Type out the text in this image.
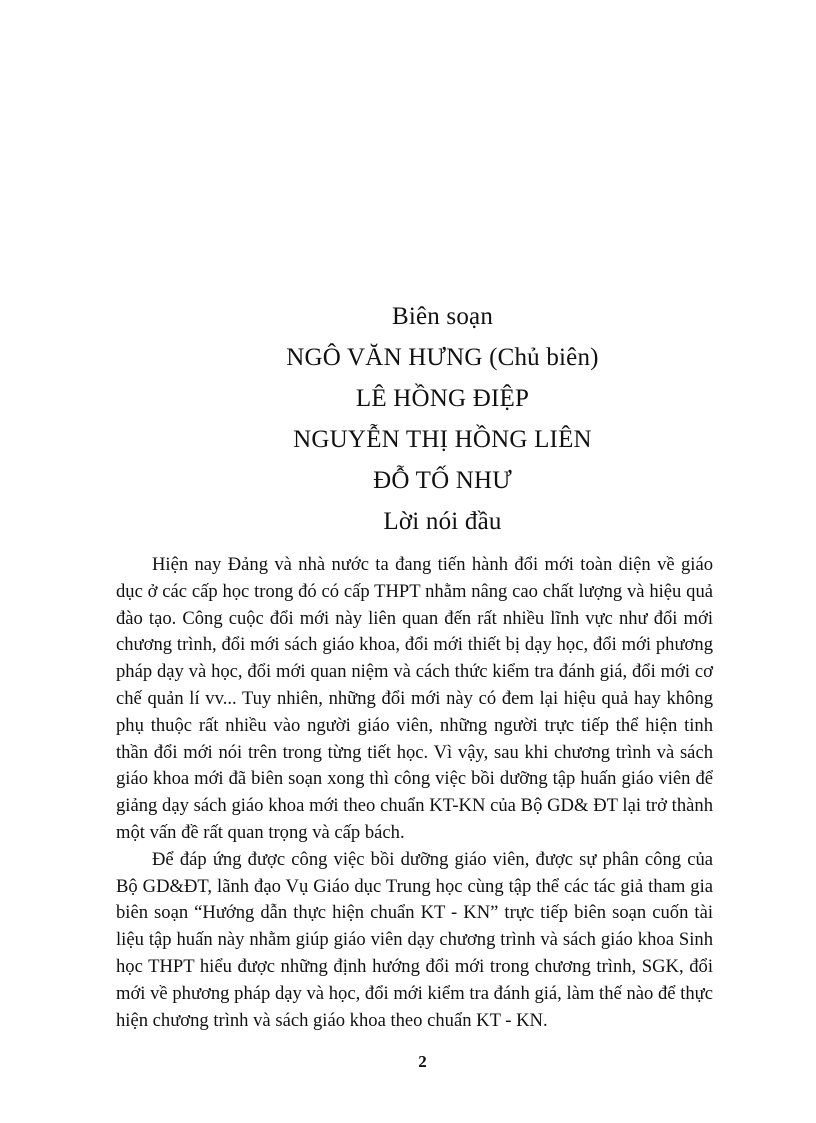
Biên soạn
NGÔ VĂN HƯNG (Chủ biên)
LÊ HỒNG ĐIỆP
NGUYỄN THỊ HỒNG LIÊN
ĐỖ TỐ NHƯ
Lời nói đầu

Hiện nay Đảng và nhà nước ta đang tiến hành đổi mới toàn diện về giáo dục ở các cấp học trong đó có cấp THPT nhằm nâng cao chất lượng và hiệu quả đào tạo. Công cuộc đổi mới này liên quan đến rất nhiều lĩnh vực như đổi mới chương trình, đổi mới sách giáo khoa, đổi mới thiết bị dạy học, đổi mới phương pháp dạy và học, đổi mới quan niệm và cách thức kiểm tra đánh giá, đổi mới cơ chế quản lí vv... Tuy nhiên, những đổi mới này có đem lại hiệu quả hay không phụ thuộc rất nhiều vào người giáo viên, những người trực tiếp thể hiện tinh thần đổi mới nói trên trong từng tiết học. Vì vậy, sau khi chương trình và sách giáo khoa mới đã biên soạn xong thì công việc bồi dưỡng tập huấn giáo viên để giảng dạy sách giáo khoa mới theo chuẩn KT-KN của Bộ GD& ĐT lại trở thành một vấn đề rất quan trọng và cấp bách.

Để đáp ứng được công việc bồi dưỡng giáo viên, được sự phân công của Bộ GD&ĐT, lãnh đạo Vụ Giáo dục Trung học cùng tập thể các tác giả tham gia biên soạn “Hướng dẫn thực hiện chuẩn KT - KN” trực tiếp biên soạn cuốn tài liệu tập huấn này nhằm giúp giáo viên dạy chương trình và sách giáo khoa Sinh học THPT hiểu được những định hướng đổi mới trong chương trình, SGK, đổi mới về phương pháp dạy và học, đổi mới kiểm tra đánh giá, làm thế nào để thực hiện chương trình và sách giáo khoa theo chuẩn KT - KN.

2
